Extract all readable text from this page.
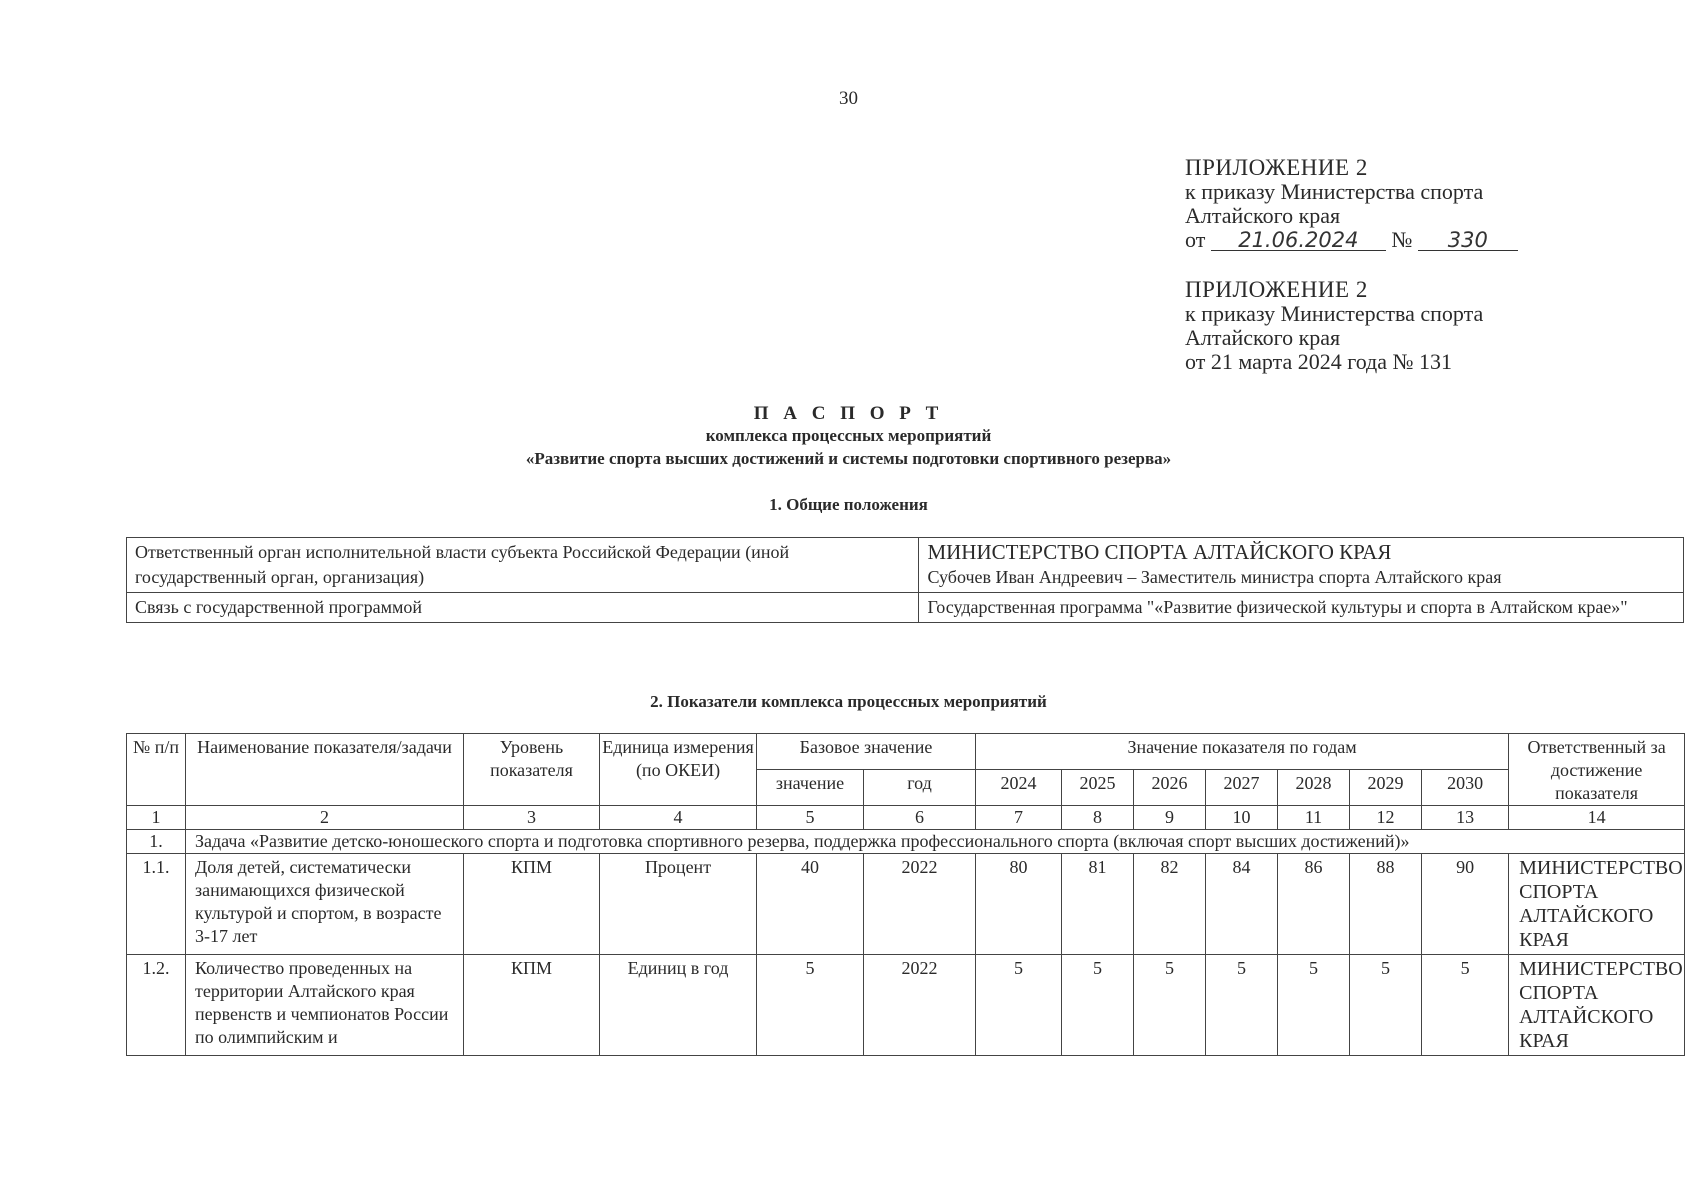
30
ПРИЛОЖЕНИЕ 2
к приказу Министерства спорта
Алтайского края
от 21.06.2024 № 330
ПРИЛОЖЕНИЕ 2
к приказу Министерства спорта
Алтайского края
от 21 марта 2024 года № 131
П А С П О Р Т
комплекса процессных мероприятий
«Развитие спорта высших достижений и системы подготовки спортивного резерва»
1. Общие положения
Ответственный орган исполнительной власти субъекта Российской Федерации (иной государственный орган, организация)	МИНИСТЕРСТВО СПОРТА АЛТАЙСКОГО КРАЯ
Субочев Иван Андреевич – Заместитель министра спорта Алтайского края

Связь с государственной программой	Государственная программа "«Развитие физической культуры и спорта в Алтайском крае»"
2. Показатели комплекса процессных мероприятий
№ п/п	Наименование показателя/задачи	Уровень показателя	Единица измерения (по ОКЕИ)	Базовое значение		Значение показателя по годам							Ответственный за достижение показателя
				значение	год	2024	2025	2026	2027	2028	2029	2030	
1	2	3	4	5	6	7	8	9	10	11	12	13	14
1.	Задача «Развитие детско-юношеского спорта и подготовка спортивного резерва, поддержка профессионального спорта (включая спорт высших достижений)»												
1.1.	Доля детей, систематически занимающихся физической культурой и спортом, в возрасте 3-17 лет	КПМ	Процент	40	2022	80	81	82	84	86	88	90	МИНИСТЕРСТВО СПОРТА АЛТАЙСКОГО КРАЯ
1.2.	Количество проведенных на территории Алтайского края первенств и чемпионатов России по олимпийским и	КПМ	Единиц в год	5	2022	5	5	5	5	5	5	5	МИНИСТЕРСТВО СПОРТА АЛТАЙСКОГО КРАЯ
